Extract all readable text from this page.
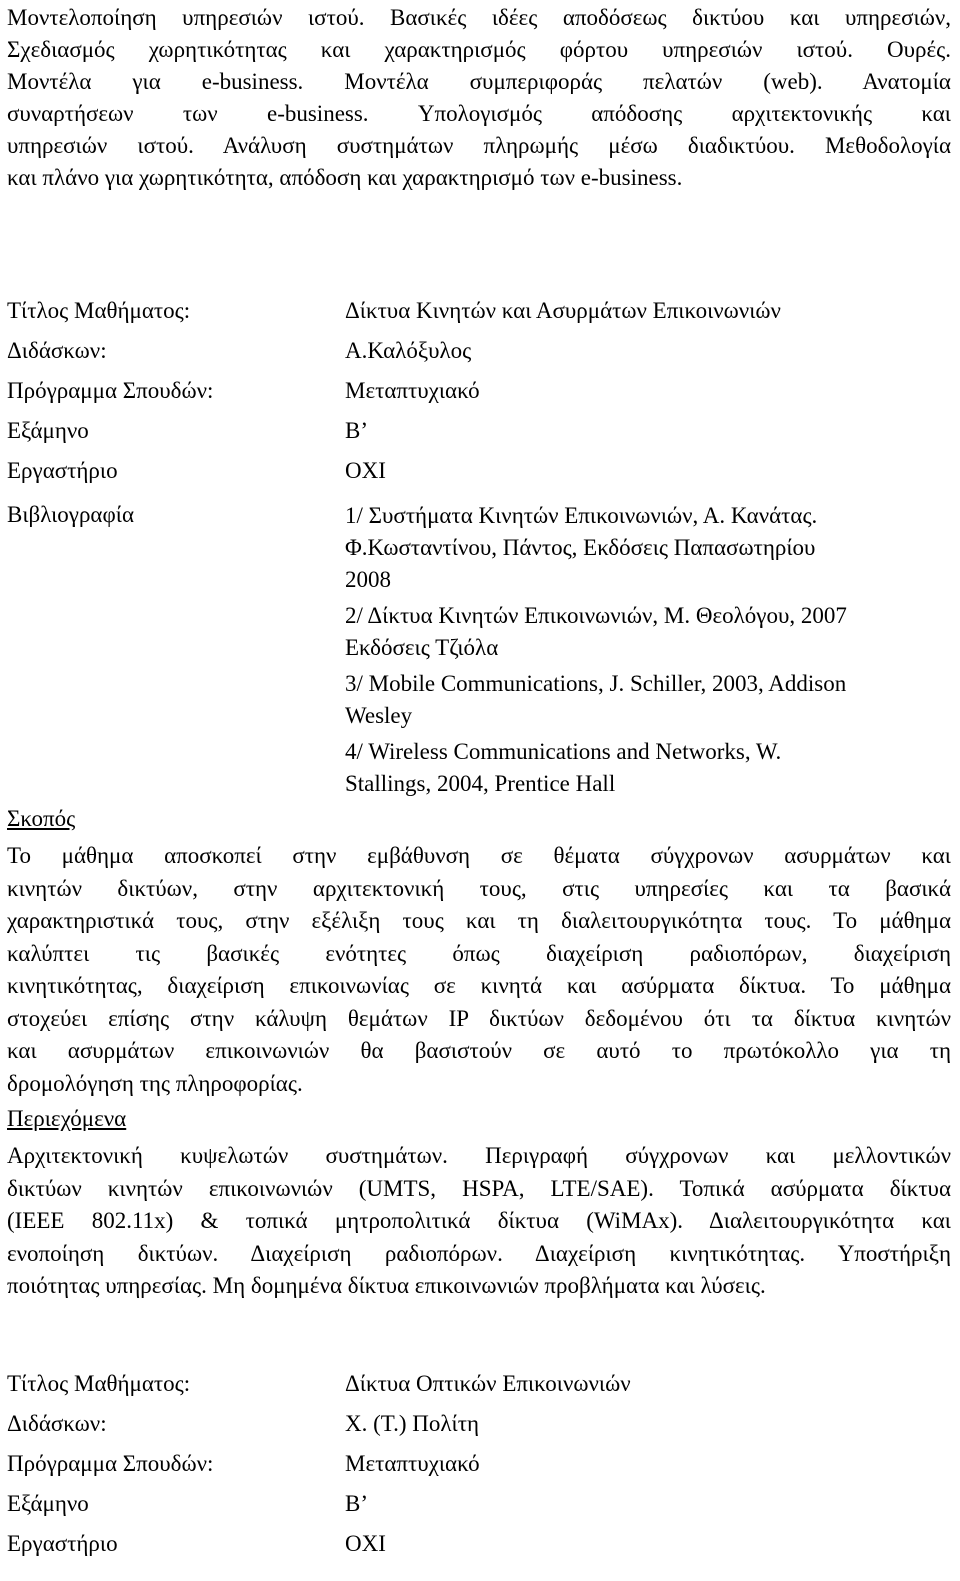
Μοντελοποίηση υπηρεσιών ιστού. Βασικές ιδέες αποδόσεως δικτύου και υπηρεσιών,
Σχεδιασμός χωρητικότητας και χαρακτηρισμός φόρτου υπηρεσιών ιστού. Ουρές.
Μοντέλα για e-business. Μοντέλα συμπεριφοράς πελατών (web). Ανατομία
συναρτήσεων των e-business. Υπολογισμός απόδοσης αρχιτεκτονικής και
υπηρεσιών ιστού. Ανάλυση συστημάτων πληρωμής μέσω διαδικτύου. Μεθοδολογία
και πλάνο για χωρητικότητα, απόδοση και χαρακτηρισμό των e-business.
Τίτλος Μαθήματος:	Δίκτυα Κινητών και Ασυρμάτων Επικοινωνιών
Διδάσκων:	Α.Καλόξυλος
Πρόγραμμα Σπουδών:	Μεταπτυχιακό
Εξάμηνο	Β’
Εργαστήριο	ΟΧΙ
Βιβλιογραφία	1/ Συστήματα Κινητών Επικοινωνιών, Α. Κανάτας.
Φ.Κωσταντίνου, Πάντος, Εκδόσεις Παπασωτηρίου
2008
2/ Δίκτυα Κινητών Επικοινωνιών, Μ. Θεολόγου, 2007
Εκδόσεις Τζιόλα
3/ Mobile Communications, J. Schiller, 2003, Addison
Wesley
4/ Wireless Communications and Networks, W.
Stallings, 2004, Prentice Hall
Σκοπός
Το μάθημα αποσκοπεί στην εμβάθυνση σε θέματα σύγχρονων ασυρμάτων και
κινητών δικτύων, στην αρχιτεκτονική τους, στις υπηρεσίες και τα βασικά
χαρακτηριστικά τους, στην εξέλιξη τους και τη διαλειτουργικότητα τους. Το μάθημα
καλύπτει τις βασικές ενότητες όπως διαχείριση ραδιοπόρων, διαχείριση
κινητικότητας, διαχείριση επικοινωνίας σε κινητά και ασύρματα δίκτυα. Το μάθημα
στοχεύει επίσης στην κάλυψη θεμάτων IP δικτύων δεδομένου ότι τα δίκτυα κινητών
και ασυρμάτων επικοινωνιών θα βασιστούν σε αυτό το πρωτόκολλο για τη
δρομολόγηση της πληροφορίας.
Περιεχόμενα
Αρχιτεκτονική κυψελωτών συστημάτων. Περιγραφή σύγχρονων και μελλοντικών
δικτύων κινητών επικοινωνιών (UMTS, HSPA, LTE/SAE). Τοπικά ασύρματα δίκτυα
(IEEE 802.11x) & τοπικά μητροπολιτικά δίκτυα (WiMAx). Διαλειτουργικότητα και
ενοποίηση δικτύων. Διαχείριση ραδιοπόρων. Διαχείριση κινητικότητας. Υποστήριξη
ποιότητας υπηρεσίας. Μη δομημένα δίκτυα επικοινωνιών προβλήματα και λύσεις.
Τίτλος Μαθήματος:	Δίκτυα Οπτικών Επικοινωνιών
Διδάσκων:	Χ. (Τ.) Πολίτη
Πρόγραμμα Σπουδών:	Μεταπτυχιακό
Εξάμηνο	Β’
Εργαστήριο	ΟΧΙ
